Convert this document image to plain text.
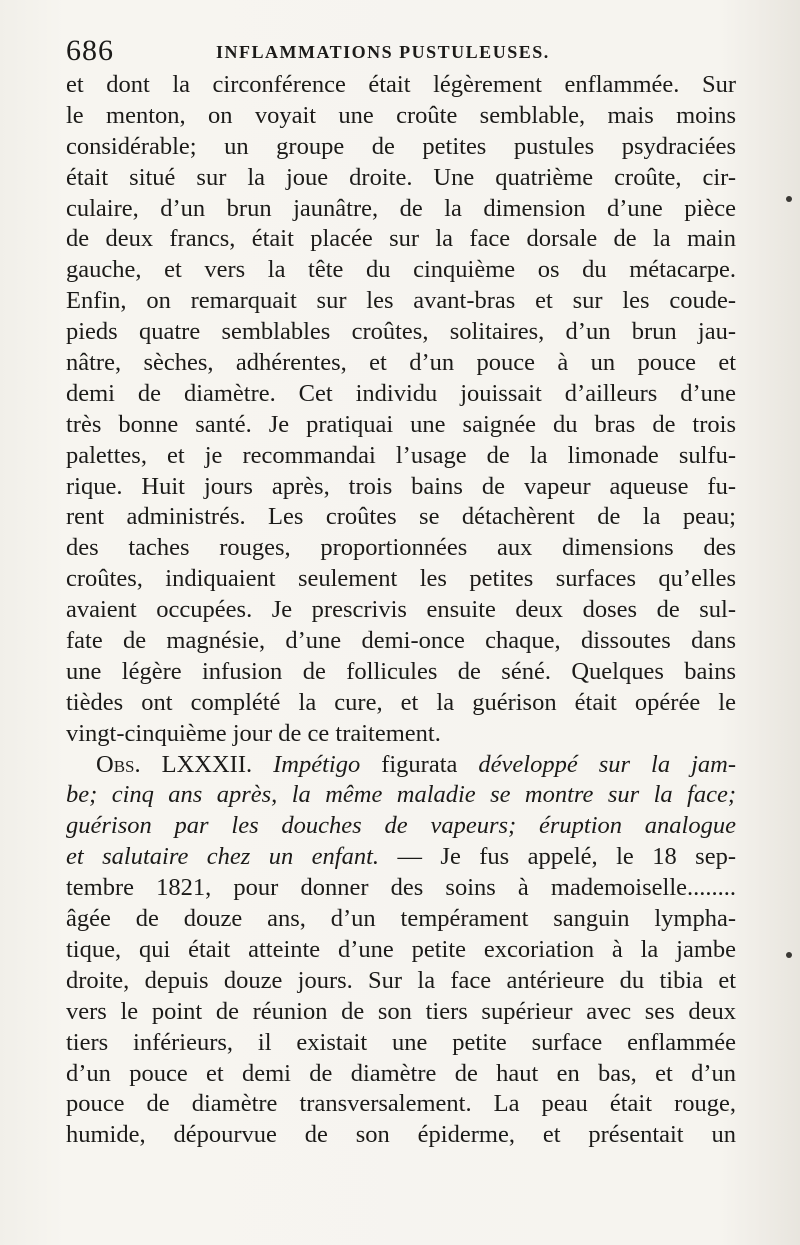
686	INFLAMMATIONS PUSTULEUSES.
et dont la circonférence était légèrement enflammée. Sur
le menton, on voyait une croûte semblable, mais moins
considérable; un groupe de petites pustules psydraciées
était situé sur la joue droite. Une quatrième croûte, cir-
culaire, d’un brun jaunâtre, de la dimension d’une pièce
de deux francs, était placée sur la face dorsale de la main
gauche, et vers la tête du cinquième os du métacarpe.
Enfin, on remarquait sur les avant-bras et sur les coude-
pieds quatre semblables croûtes, solitaires, d’un brun jau-
nâtre, sèches, adhérentes, et d’un pouce à un pouce et
demi de diamètre. Cet individu jouissait d’ailleurs d’une
très bonne santé. Je pratiquai une saignée du bras de trois
palettes, et je recommandai l’usage de la limonade sulfu-
rique. Huit jours après, trois bains de vapeur aqueuse fu-
rent administrés. Les croûtes se détachèrent de la peau;
des taches rouges, proportionnées aux dimensions des
croûtes, indiquaient seulement les petites surfaces qu’elles
avaient occupées. Je prescrivis ensuite deux doses de sul-
fate de magnésie, d’une demi-once chaque, dissoutes dans
une légère infusion de follicules de séné. Quelques bains
tièdes ont complété la cure, et la guérison était opérée le
vingt-cinquième jour de ce traitement.
Obs. LXXXII. Impétigo figurata développé sur la jam-
be; cinq ans après, la même maladie se montre sur la face;
guérison par les douches de vapeurs; éruption analogue
et salutaire chez un enfant. — Je fus appelé, le 18 sep-
tembre 1821, pour donner des soins à mademoiselle........
âgée de douze ans, d’un tempérament sanguin lympha-
tique, qui était atteinte d’une petite excoriation à la jambe
droite, depuis douze jours. Sur la face antérieure du tibia et
vers le point de réunion de son tiers supérieur avec ses deux
tiers inférieurs, il existait une petite surface enflammée
d’un pouce et demi de diamètre de haut en bas, et d’un
pouce de diamètre transversalement. La peau était rouge,
humide, dépourvue de son épiderme, et présentait un
